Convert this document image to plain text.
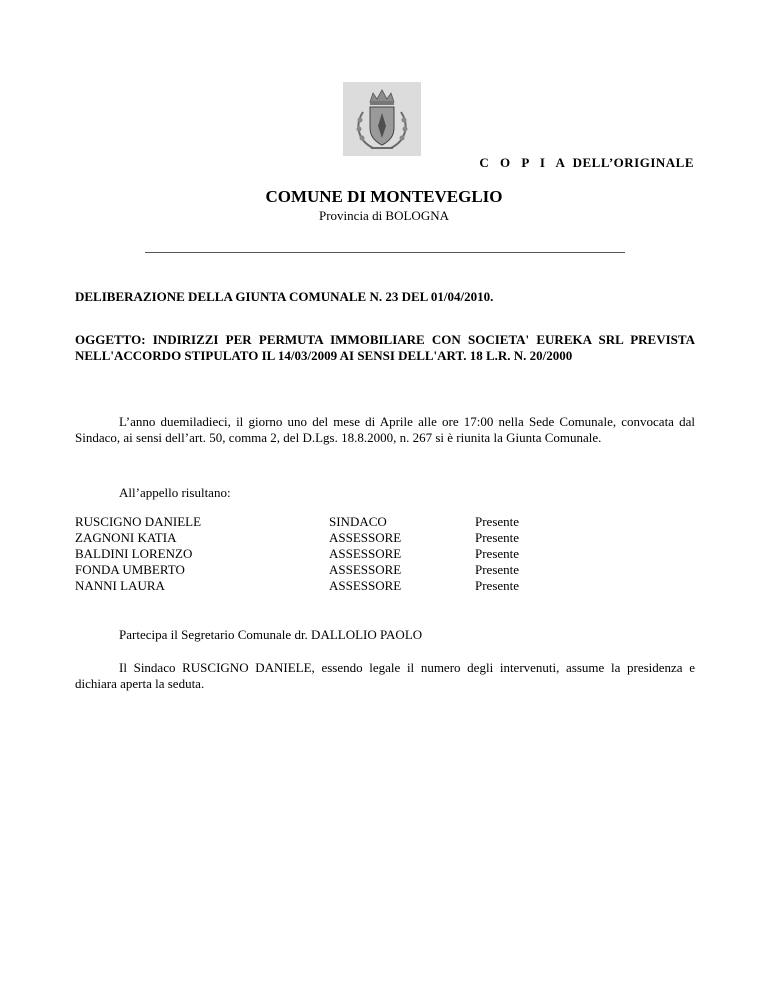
C O P I A DELL’ORIGINALE
COMUNE DI MONTEVEGLIO
Provincia di BOLOGNA
DELIBERAZIONE DELLA GIUNTA COMUNALE N. 23 DEL 01/04/2010.
OGGETTO: INDIRIZZI PER PERMUTA IMMOBILIARE CON SOCIETA' EUREKA SRL PREVISTA NELL'ACCORDO STIPULATO IL 14/03/2009 AI SENSI DELL'ART. 18 L.R. N. 20/2000
L’anno duemiladieci, il giorno uno del mese di Aprile alle ore 17:00 nella Sede Comunale, convocata dal Sindaco, ai sensi dell’art. 50, comma 2, del D.Lgs. 18.8.2000, n. 267 si è riunita la Giunta Comunale.
All’appello risultano:
RUSCIGNO DANIELE	SINDACO	Presente
ZAGNONI KATIA	ASSESSORE	Presente
BALDINI LORENZO	ASSESSORE	Presente
FONDA UMBERTO	ASSESSORE	Presente
NANNI LAURA	ASSESSORE	Presente
Partecipa il Segretario Comunale dr. DALLOLIO PAOLO
Il Sindaco RUSCIGNO DANIELE, essendo legale il numero degli intervenuti, assume la presidenza e dichiara aperta la seduta.
